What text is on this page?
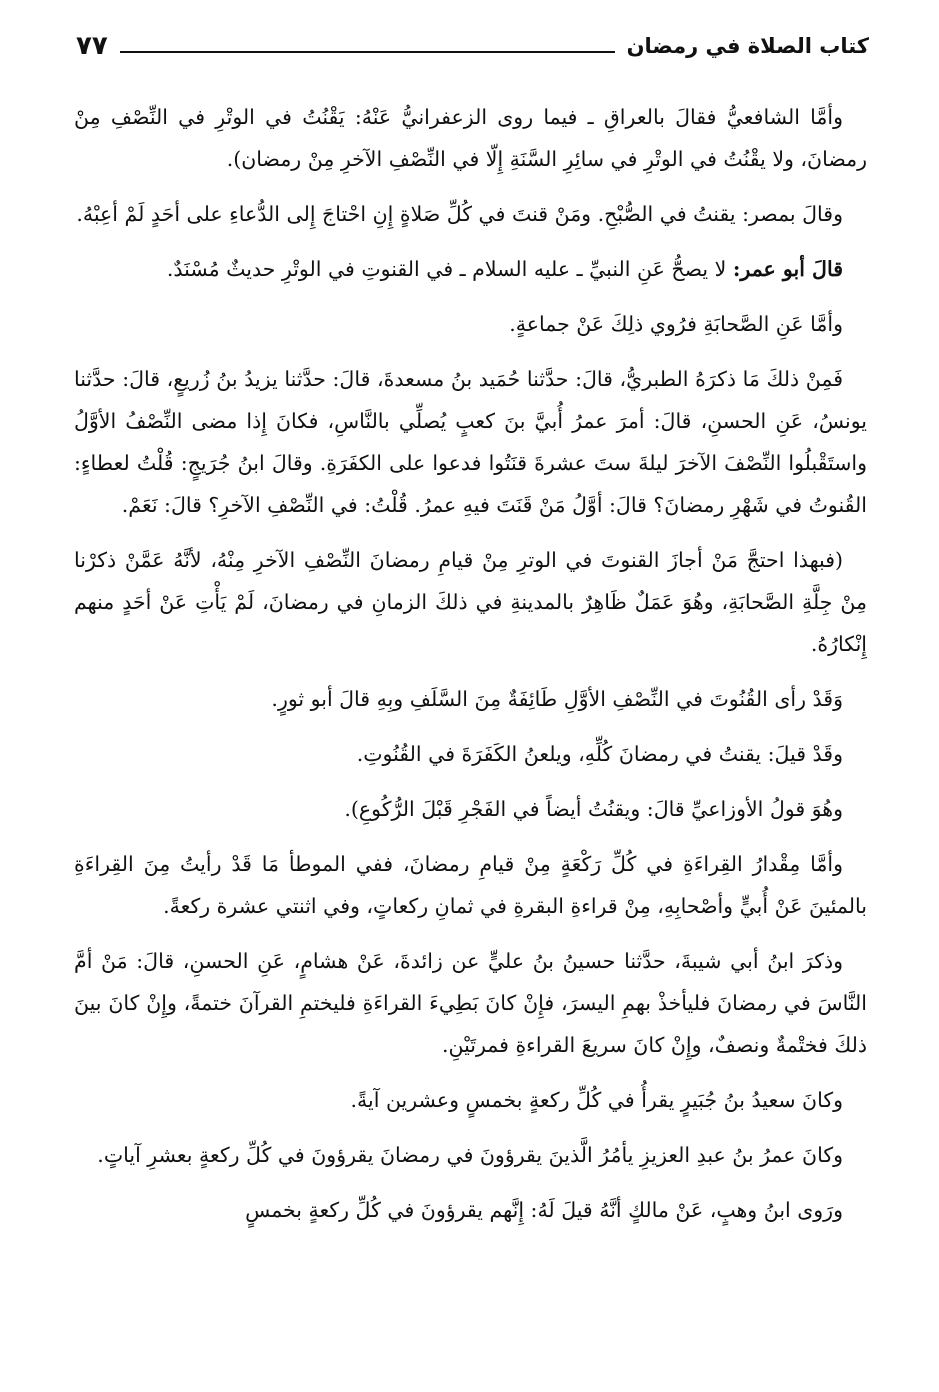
كتاب الصلاة في رمضان
٧٧

وأمَّا الشافعيُّ فقالَ بالعراقِ ـ فيما روى الزعفرانيُّ عَنْهُ: يَقْنُتُ في الوتْرِ في النِّصْفِ مِنْ رمضانَ، ولا يقْنُتُ في الوتْرِ في سائِرِ السَّنَةِ إِلّا في النِّصْفِ الآخرِ مِنْ رمضان).

وقالَ بمصر: يقنتُ في الصُّبْحِ. ومَنْ قنتَ في كُلِّ صَلاةٍ إِنِ احْتاجَ إِلى الدُّعاءِ على أحَدٍ لَمْ أعِبْهُ.

قالَ أبو عمر: لا يصحُّ عَنِ النبيِّ ـ عليه السلام ـ في القنوتِ في الوتْرِ حديثٌ مُسْنَدٌ.

وأمَّا عَنِ الصَّحابَةِ فرُوي ذلِكَ عَنْ جماعةٍ.

فَمِنْ ذلكَ مَا ذكرَهُ الطبريُّ، قالَ: حدَّثنا حُمَيد بنُ مسعدةَ، قالَ: حدَّثنا يزيدُ بنُ زُريعٍ، قالَ: حدَّثنا يونسُ، عَنِ الحسنِ، قالَ: أمرَ عمرُ أُبيَّ بنَ كعبٍ يُصلِّي بالنَّاسِ، فكانَ إِذا مضى النِّصْفُ الأوَّلُ واستَقْبلُوا النِّصْفَ الآخرَ ليلةَ ستَ عشرةَ قنَتُوا فدعوا على الكفَرَةِ. وقالَ ابنُ جُرَيجٍ: قُلْتُ لعطاءٍ: القُنوتُ في شَهْرِ رمضانَ؟ قالَ: أوَّلُ مَنْ قَنَتَ فيهِ عمرُ. قُلْتُ: في النِّصْفِ الآخرِ؟ قالَ: نَعَمْ.

(فبهذا احتجَّ مَنْ أجازَ القنوتَ في الوترِ مِنْ قيامِ رمضانَ النِّصْفِ الآخرِ مِنْهُ، لأنَّهُ عَمَّنْ ذكرْنا مِنْ جِلَّةِ الصَّحابَةِ، وهُوَ عَمَلٌ ظَاهِرٌ بالمدينةِ في ذلكَ الزمانِ في رمضانَ، لَمْ يَأْتِ عَنْ أحَدٍ منهم إِنْكارُهُ.

وَقَدْ رأى القُنُوتَ في النِّصْفِ الأوَّلِ طَائِفَةٌ مِنَ السَّلَفِ وبِهِ قالَ أبو ثورٍ.

وقَدْ قيلَ: يقنتُ في رمضانَ كُلِّهِ، ويلعنُ الكَفَرَةَ في القُنُوتِ.

وهُوَ قولُ الأوزاعيِّ قالَ: ويقنُتُ أيضاً في الفَجْرِ قَبْلَ الرُّكُوعِ).

وأمَّا مِقْدارُ القِراءَةِ في كُلِّ رَكْعَةٍ مِنْ قيامِ رمضانَ، ففي الموطأ مَا قَدْ رأيتُ مِنَ القِراءَةِ بالمئينَ عَنْ أُبيٍّ وأصْحابِهِ، مِنْ قراءةِ البقرةِ في ثمانِ ركعاتٍ، وفي اثنتي عشرة ركعةً.

وذكرَ ابنُ أبي شيبةَ، حدَّثنا حسينُ بنُ عليٍّ عن زائدةَ، عَنْ هشامٍ، عَنِ الحسنِ، قالَ: مَنْ أمَّ النَّاسَ في رمضانَ فليأخذْ بهمِ اليسرَ، فإِنْ كانَ بَطِيءَ القراءَةِ فليختمِ القرآنَ ختمةً، وإِنْ كانَ بينَ ذلكَ فختْمةٌ ونصفٌ، وإِنْ كانَ سريعَ القراءةِ فمرتَيْنِ.

وكانَ سعيدُ بنُ جُبَيرٍ يقرأُ في كُلِّ ركعةٍ بخمسٍ وعشرين آيةً.

وكانَ عمرُ بنُ عبدِ العزيزِ يأمُرُ الَّذينَ يقرؤونَ في رمضانَ يقرؤونَ في كُلِّ ركعةٍ بعشرِ آياتٍ.

ورَوى ابنُ وهبٍ، عَنْ مالكٍ أنَّهُ قيلَ لَهُ: إِنَّهم يقرؤونَ في كُلِّ ركعةٍ بخمسٍ
